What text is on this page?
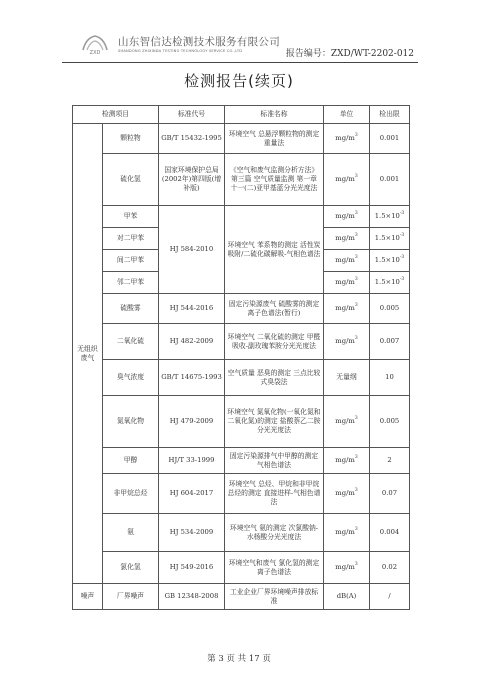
ZXD
山东智信达检测技术服务有限公司
SHANDONG ZHIXINDA TESTING TECHNOLOGY SERVICE CO.,LTD	报告编号：ZXD/WT-2202-012
检测报告(续页)
检测项目		标准代号	标准名称	单位	检出限
无组织废气	颗粒物	GB/T 15432-1995	环境空气 总悬浮颗粒物的测定 重量法	$mg/m^3$	0.001
	硫化氢	国家环境保护总局(2002年)第四版(增补版)	《空气和废气监测分析方法》第三篇 空气质量监测 第一章 十一(二)亚甲基蓝分光光度法	$mg/m^3$	0.001
	甲苯	HJ 584-2010	环境空气 苯系物的测定 活性炭吸附/二硫化碳解吸-气相色谱法	$mg/m^3$	$1.5\times 10^{-3}$
	对二甲苯			$mg/m^3$	$1.5\times 10^{-3}$
	间二甲苯			$mg/m^3$	$1.5\times 10^{-3}$
	邻二甲苯			$mg/m^3$	$1.5\times 10^{-3}$
	硫酸雾	HJ 544-2016	固定污染源废气 硫酸雾的测定 离子色谱法(暂行)	$mg/m^3$	0.005
	二氧化硫	HJ 482-2009	环境空气 二氧化硫的测定 甲醛吸收-副玫瑰苯胺分光光度法	$mg/m^3$	0.007
	臭气浓度	GB/T 14675-1993	空气质量 恶臭的测定 三点比较式臭袋法	无量纲	10
	氮氧化物	HJ 479-2009	环境空气 氮氧化物(一氧化氮和二氧化氮)的测定 盐酸萘乙二胺分光光度法	$mg/m^3$	0.005
	甲醇	HJ/T 33-1999	固定污染源排气中甲醇的测定 气相色谱法	$mg/m^3$	2
	非甲烷总烃	HJ 604-2017	环境空气 总烃、甲烷和非甲烷总烃的测定 直接进样-气相色谱法	$mg/m^3$	0.07
	氨	HJ 534-2009	环境空气 氨的测定 次氯酸钠-水杨酸分光光度法	$mg/m^3$	0.004
	氯化氢	HJ 549-2016	环境空气和废气 氯化氢的测定 离子色谱法	$mg/m^3$	0.02
噪声	厂界噪声	GB 12348-2008	工业企业厂界环境噪声排放标准	dB(A)	/
第 3 页 共 17 页
